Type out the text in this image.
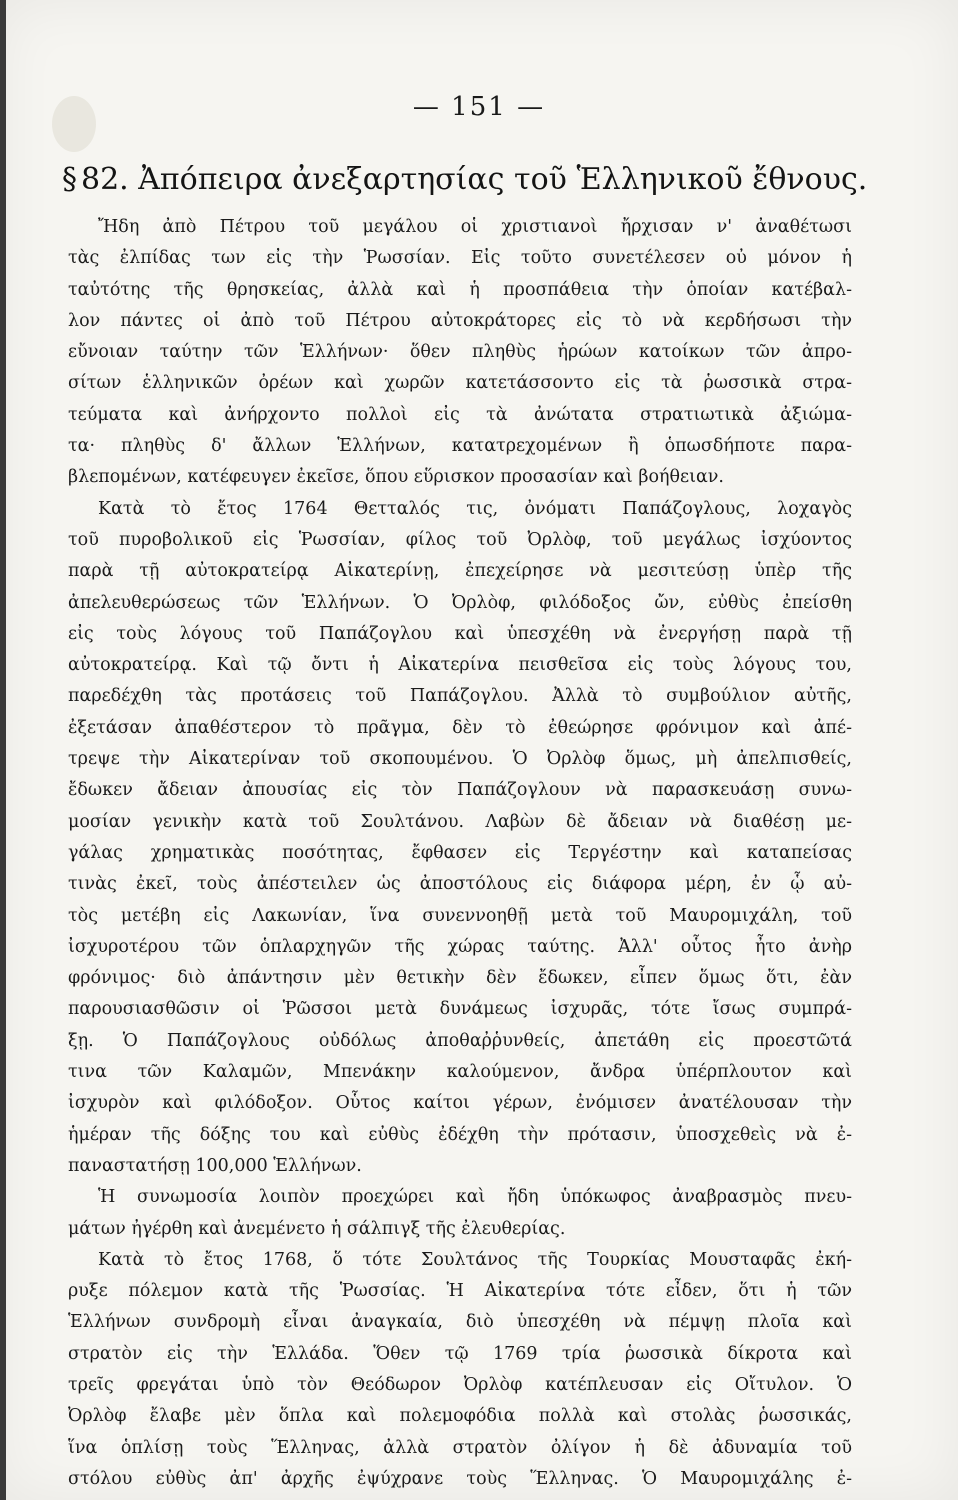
— 151 —
§ 82. Ἀπόπειρα ἀνεξαρτησίας τοῦ Ἑλληνικοῦ ἔθνους.
Ἤδη ἀπὸ Πέτρου τοῦ μεγάλου οἱ χριστιανοὶ ἤρχισαν ν' ἀναθέτωσι
τὰς ἐλπίδας των εἰς τὴν Ῥωσσίαν. Εἰς τοῦτο συνετέλεσεν οὐ μόνον ἡ
ταὐτότης τῆς θρησκείας, ἀλλὰ καὶ ἡ προσπάθεια τὴν ὁποίαν κατέβαλ-
λον πάντες οἱ ἀπὸ τοῦ Πέτρου αὐτοκράτορες εἰς τὸ νὰ κερδήσωσι τὴν
εὔνοιαν ταύτην τῶν Ἑλλήνων· ὅθεν πληθὺς ἡρώων κατοίκων τῶν ἀπρο-
σίτων ἑλληνικῶν ὀρέων καὶ χωρῶν κατετάσσοντο εἰς τὰ ῥωσσικὰ στρα-
τεύματα καὶ ἀνήρχοντο πολλοὶ εἰς τὰ ἀνώτατα στρατιωτικὰ ἀξιώμα-
τα· πληθὺς δ' ἄλλων Ἑλλήνων, κατατρεχομένων ἢ ὁπωσδήποτε παρα-
βλεπομένων, κατέφευγεν ἐκεῖσε, ὅπου εὕρισκον προσασίαν καὶ βοήθειαν.
Κατὰ τὸ ἔτος 1764 Θετταλός τις, ὀνόματι Παπάζογλους, λοχαγὸς
τοῦ πυροβολικοῦ εἰς Ῥωσσίαν, φίλος τοῦ Ὀρλὸφ, τοῦ μεγάλως ἰσχύοντος
παρὰ τῇ αὐτοκρατείρᾳ Αἰκατερίνῃ, ἐπεχείρησε νὰ μεσιτεύσῃ ὑπὲρ τῆς
ἀπελευθερώσεως τῶν Ἑλλήνων. Ὁ Ὀρλὸφ, φιλόδοξος ὤν, εὐθὺς ἐπείσθη
εἰς τοὺς λόγους τοῦ Παπάζογλου καὶ ὑπεσχέθη νὰ ἐνεργήσῃ παρὰ τῇ
αὐτοκρατείρᾳ. Καὶ τῷ ὄντι ἡ Αἰκατερίνα πεισθεῖσα εἰς τοὺς λόγους του,
παρεδέχθη τὰς προτάσεις τοῦ Παπάζογλου. Ἀλλὰ τὸ συμβούλιον αὐτῆς,
ἐξετάσαν ἀπαθέστερον τὸ πρᾶγμα, δὲν τὸ ἐθεώρησε φρόνιμον καὶ ἀπέ-
τρεψε τὴν Αἰκατερίναν τοῦ σκοπουμένου. Ὁ Ὀρλὸφ ὅμως, μὴ ἀπελπισθείς,
ἔδωκεν ἄδειαν ἀπουσίας εἰς τὸν Παπάζογλουν νὰ παρασκευάσῃ συνω-
μοσίαν γενικὴν κατὰ τοῦ Σουλτάνου. Λαβὼν δὲ ἄδειαν νὰ διαθέσῃ με-
γάλας χρηματικὰς ποσότητας, ἔφθασεν εἰς Τεργέστην καὶ καταπείσας
τινὰς ἐκεῖ, τοὺς ἀπέστειλεν ὡς ἀποστόλους εἰς διάφορα μέρη, ἐν ᾧ αὐ-
τὸς μετέβη εἰς Λακωνίαν, ἵνα συνεννοηθῇ μετὰ τοῦ Μαυρομιχάλη, τοῦ
ἰσχυροτέρου τῶν ὁπλαρχηγῶν τῆς χώρας ταύτης. Ἀλλ' οὗτος ἦτο ἀνὴρ
φρόνιμος· διὸ ἀπάντησιν μὲν θετικὴν δὲν ἔδωκεν, εἶπεν ὅμως ὅτι, ἐὰν
παρουσιασθῶσιν οἱ Ῥῶσσοι μετὰ δυνάμεως ἰσχυρᾶς, τότε ἴσως συμπρά-
ξῃ. Ὁ Παπάζογλους οὐδόλως ἀποθαῤῥυνθείς, ἀπετάθη εἰς προεστῶτά
τινα τῶν Καλαμῶν, Μπενάκην καλούμενον, ἄνδρα ὑπέρπλουτον καὶ
ἰσχυρὸν καὶ φιλόδοξον. Οὗτος καίτοι γέρων, ἐνόμισεν ἀνατέλουσαν τὴν
ἡμέραν τῆς δόξης του καὶ εὐθὺς ἐδέχθη τὴν πρότασιν, ὑποσχεθεὶς νὰ ἐ-
παναστατήσῃ 100,000 Ἑλλήνων.
Ἡ συνωμοσία λοιπὸν προεχώρει καὶ ἤδη ὑπόκωφος ἀναβρασμὸς πνευ-
μάτων ἠγέρθη καὶ ἀνεμένετο ἡ σάλπιγξ τῆς ἐλευθερίας.
Κατὰ τὸ ἔτος 1768, ὅ τότε Σουλτάνος τῆς Τουρκίας Μουσταφᾶς ἐκή-
ρυξε πόλεμον κατὰ τῆς Ῥωσσίας. Ἡ Αἰκατερίνα τότε εἶδεν, ὅτι ἡ τῶν
Ἑλλήνων συνδρομὴ εἶναι ἀναγκαία, διὸ ὑπεσχέθη νὰ πέμψῃ πλοῖα καὶ
στρατὸν εἰς τὴν Ἑλλάδα. Ὅθεν τῷ 1769 τρία ῥωσσικὰ δίκροτα καὶ
τρεῖς φρεγάται ὑπὸ τὸν Θεόδωρον Ὀρλὸφ κατέπλευσαν εἰς Οἴτυλον. Ὁ
Ὀρλὸφ ἔλαβε μὲν ὅπλα καὶ πολεμοφόδια πολλὰ καὶ στολὰς ῥωσσικάς,
ἵνα ὁπλίσῃ τοὺς Ἕλληνας, ἀλλὰ στρατὸν ὀλίγον ἡ δὲ ἀδυναμία τοῦ
στόλου εὐθὺς ἀπ' ἀρχῆς ἐψύχρανε τοὺς Ἕλληνας. Ὁ Μαυρομιχάλης ἐ-
